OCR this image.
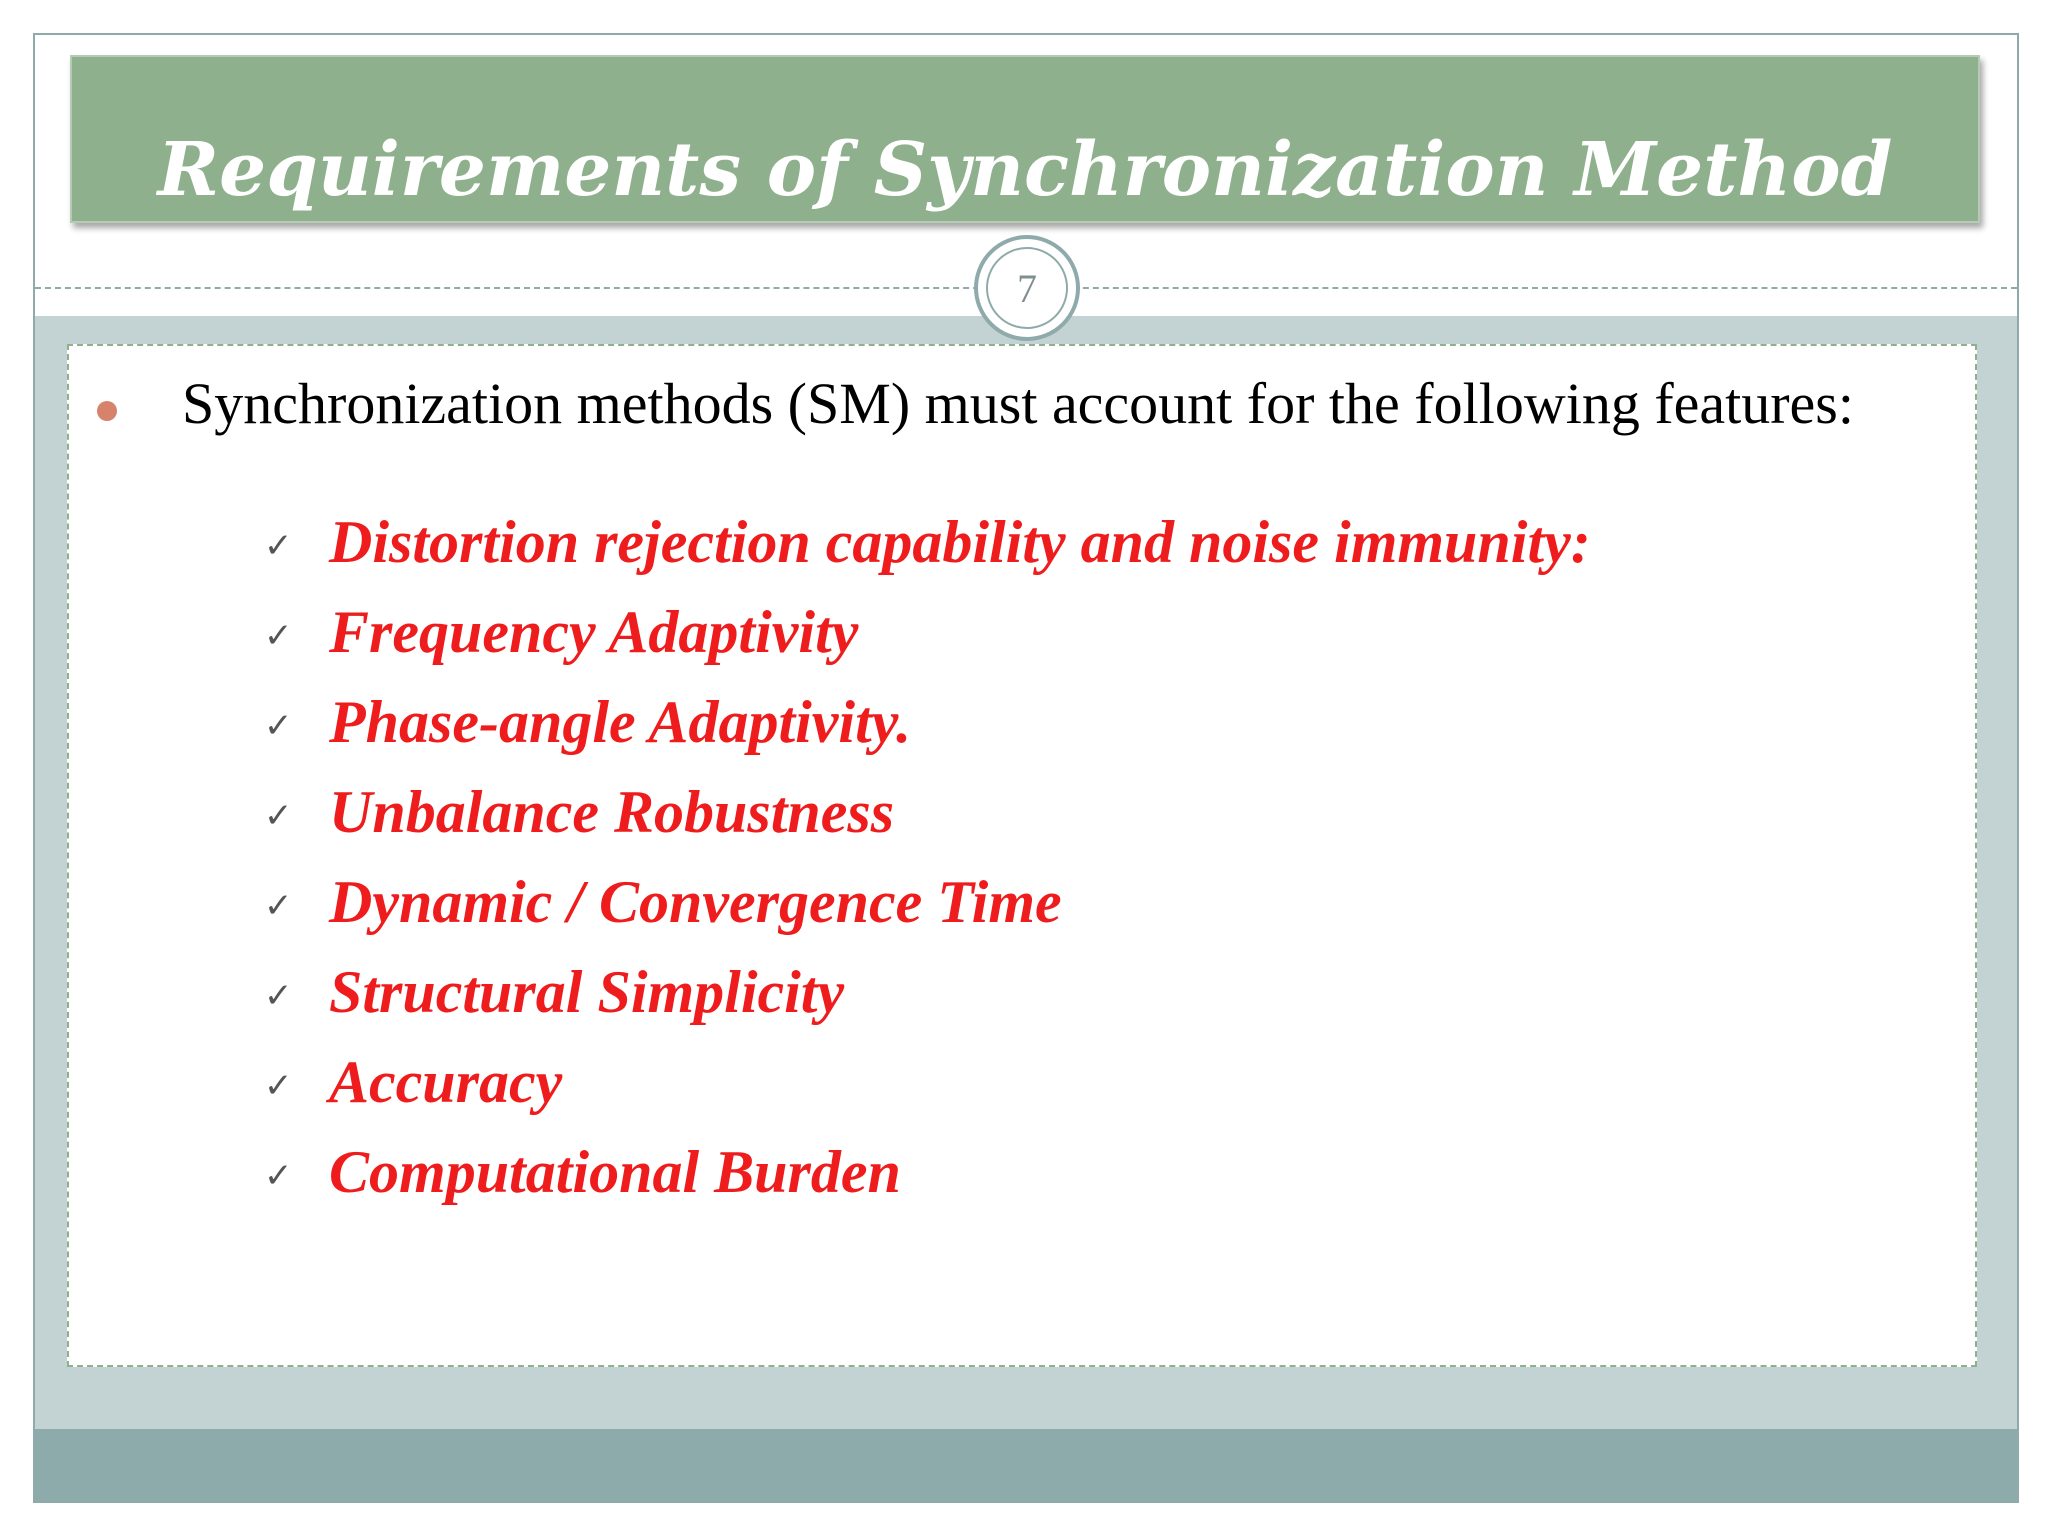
Requirements of Synchronization Method
7
Synchronization methods (SM) must account for the following features:
✓ Distortion rejection capability and noise immunity:
✓ Frequency Adaptivity
✓ Phase-angle Adaptivity.
✓ Unbalance Robustness
✓ Dynamic / Convergence Time
✓ Structural Simplicity
✓ Accuracy
✓ Computational Burden
